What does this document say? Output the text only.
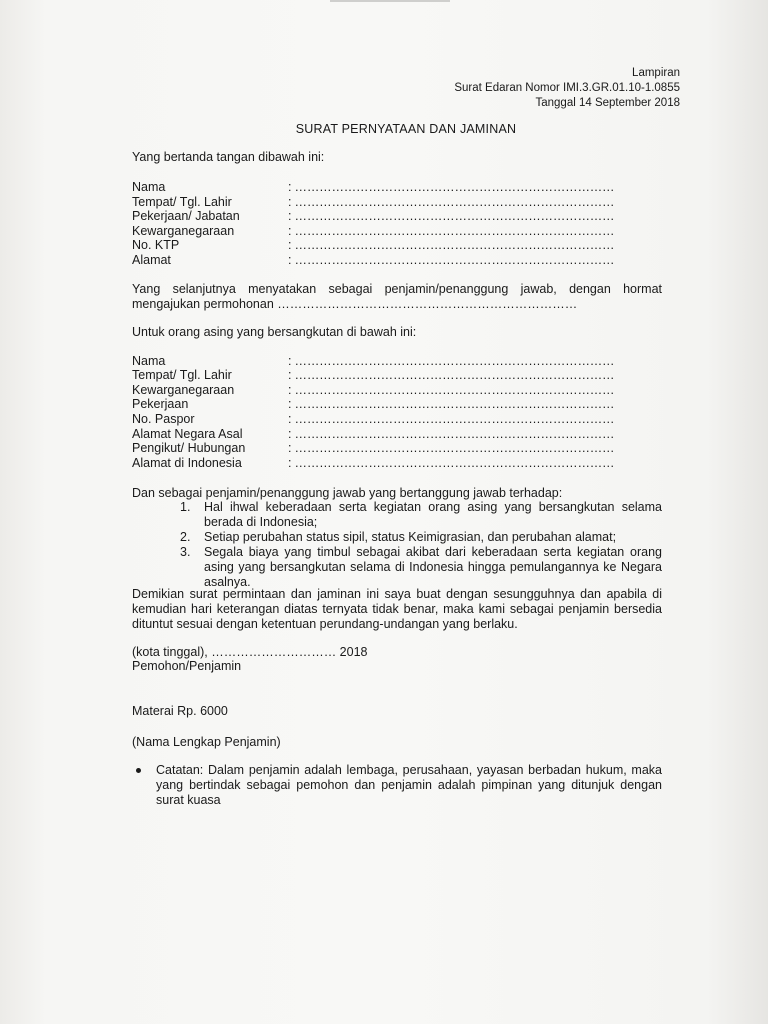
Lampiran
Surat Edaran Nomor IMI.3.GR.01.10-1.0855
Tanggal 14 September 2018
SURAT PERNYATAAN DAN JAMINAN
Yang bertanda tangan dibawah ini:
Nama	: ……………………………………………………………………
Tempat/ Tgl. Lahir	: ……………………………………………………………………
Pekerjaan/ Jabatan	: ……………………………………………………………………
Kewarganegaraan	: ……………………………………………………………………
No. KTP	: ……………………………………………………………………
Alamat	: ……………………………………………………………………
Yang selanjutnya menyatakan sebagai penjamin/penanggung jawab, dengan hormat
mengajukan permohonan ………………………………………………………………
Untuk orang asing yang bersangkutan di bawah ini:
Nama	: ……………………………………………………………………
Tempat/ Tgl. Lahir	: ……………………………………………………………………
Kewarganegaraan	: ……………………………………………………………………
Pekerjaan	: ……………………………………………………………………
No. Paspor	: ……………………………………………………………………
Alamat Negara Asal	: ……………………………………………………………………
Pengikut/ Hubungan	: ……………………………………………………………………
Alamat di Indonesia	: ……………………………………………………………………
Dan sebagai penjamin/penanggung jawab yang bertanggung jawab terhadap:
1. Hal ihwal keberadaan serta kegiatan orang asing yang bersangkutan selama berada di Indonesia;
2. Setiap perubahan status sipil, status Keimigrasian, dan perubahan alamat;
3. Segala biaya yang timbul sebagai akibat dari keberadaan serta kegiatan orang asing yang bersangkutan selama di Indonesia hingga pemulangannya ke Negara asalnya.
Demikian surat permintaan dan jaminan ini saya buat dengan sesungguhnya dan apabila di kemudian hari keterangan diatas ternyata tidak benar, maka kami sebagai penjamin bersedia dituntut sesuai dengan ketentuan perundang-undangan yang berlaku.
(kota tinggal), ………………………… 2018
Pemohon/Penjamin
Materai Rp. 6000
(Nama Lengkap Penjamin)
Catatan: Dalam penjamin adalah lembaga, perusahaan, yayasan berbadan hukum, maka yang bertindak sebagai pemohon dan penjamin adalah pimpinan yang ditunjuk dengan surat kuasa
